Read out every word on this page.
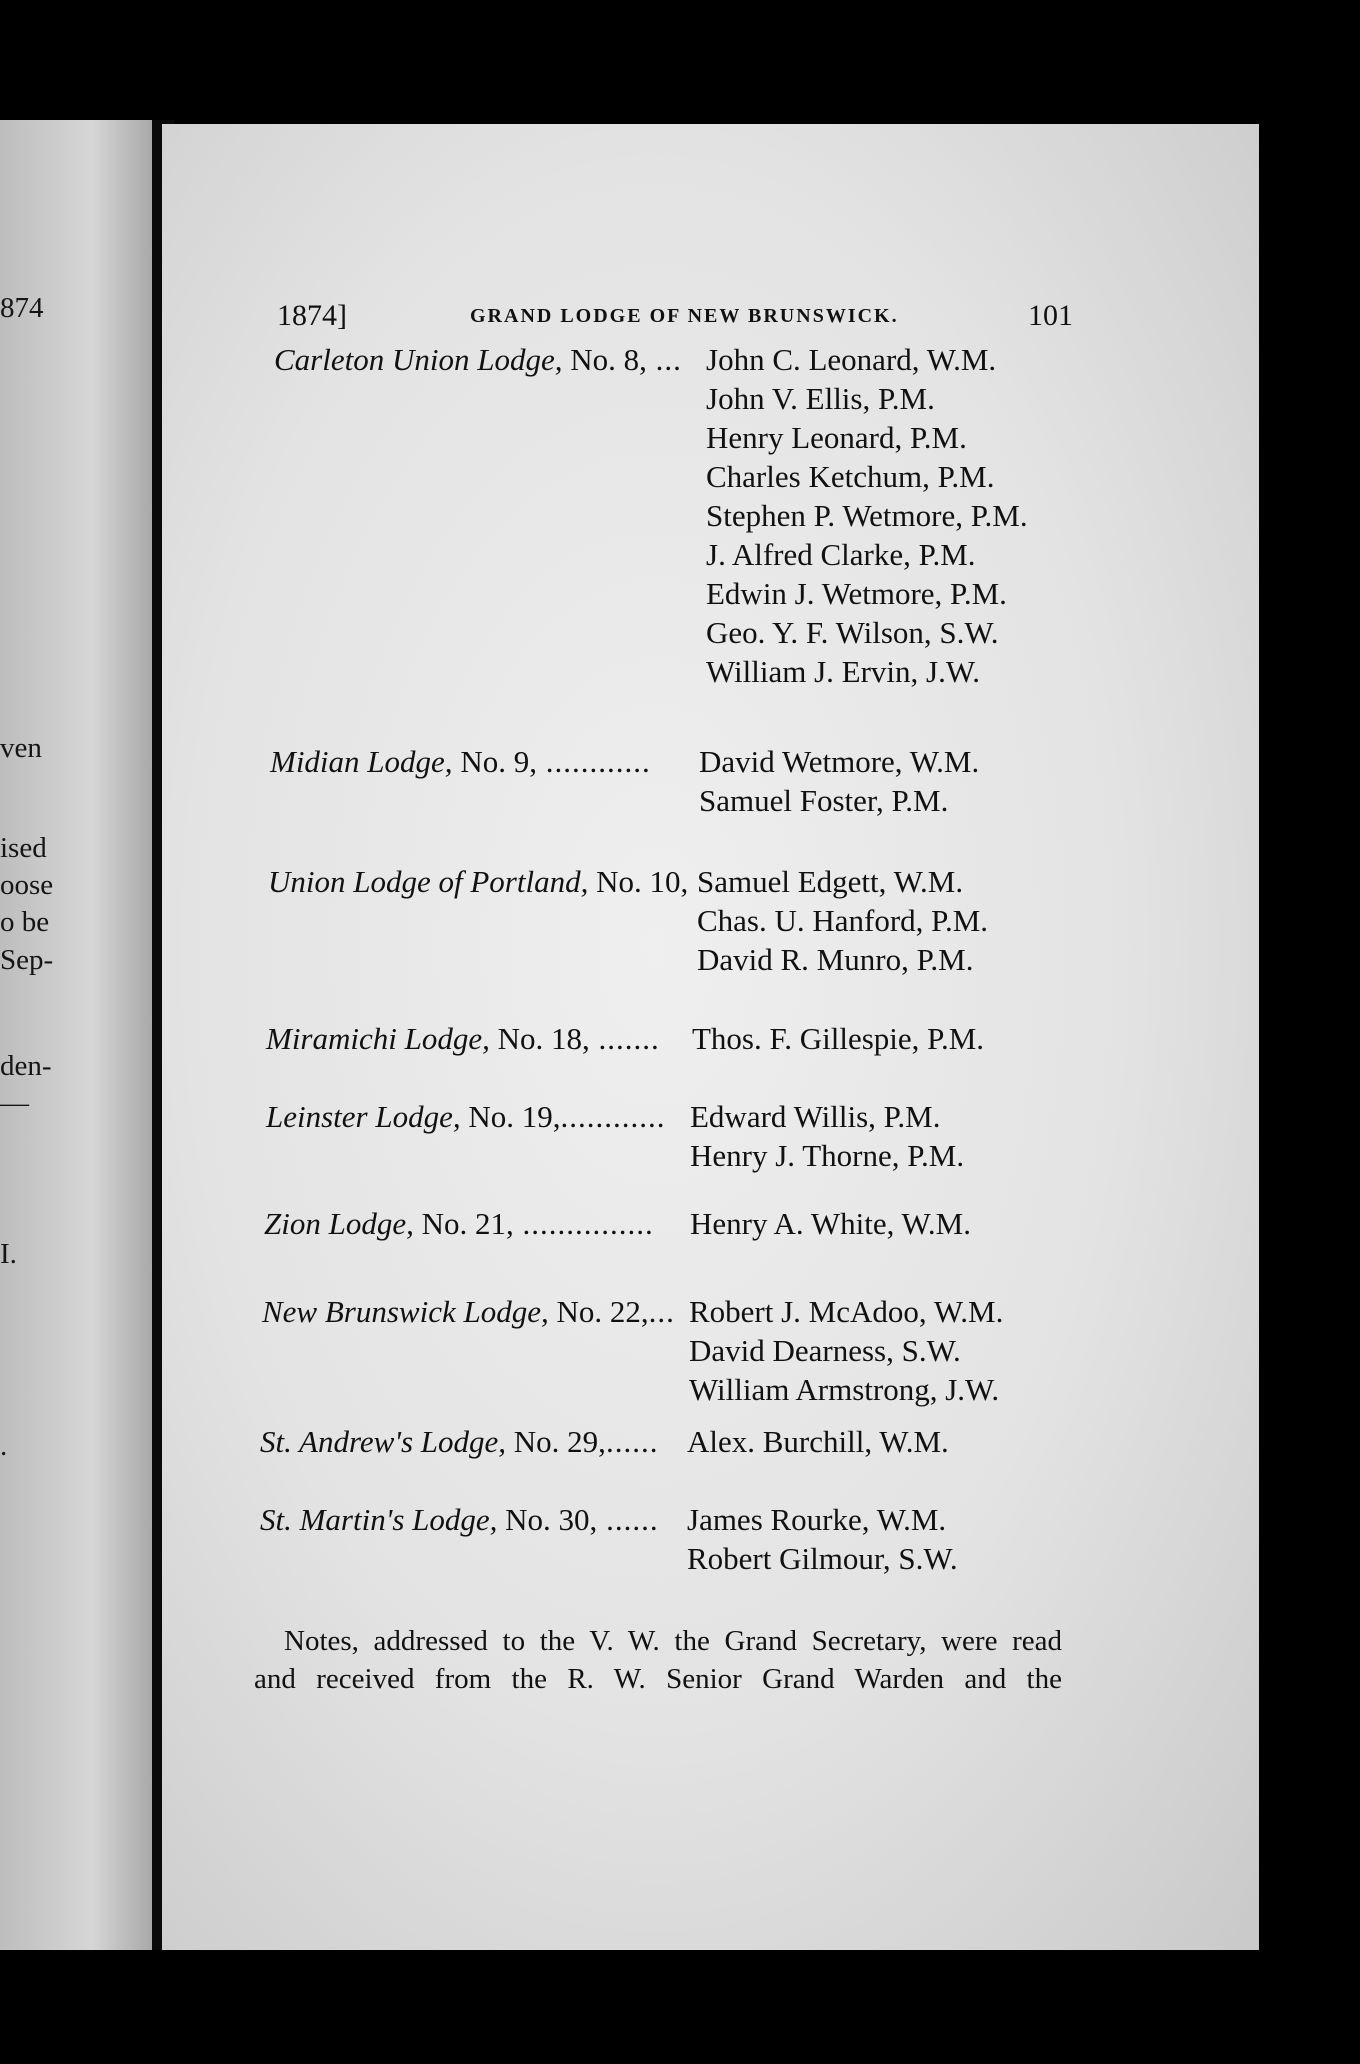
874
ven
ised
oose
o be
Sep-
den-
—
I.
.
1874]	GRAND LODGE OF NEW BRUNSWICK.	101
Carleton Union Lodge, No. 8, ... John C. Leonard, W.M.
John V. Ellis, P.M.
Henry Leonard, P.M.
Charles Ketchum, P.M.
Stephen P. Wetmore, P.M.
J. Alfred Clarke, P.M.
Edwin J. Wetmore, P.M.
Geo. Y. F. Wilson, S.W.
William J. Ervin, J.W.
Midian Lodge, No. 9, ............ David Wetmore, W.M.
Samuel Foster, P.M.
Union Lodge of Portland, No. 10, Samuel Edgett, W.M.
Chas. U. Hanford, P.M.
David R. Munro, P.M.
Miramichi Lodge, No. 18, ....... Thos. F. Gillespie, P.M.
Leinster Lodge, No. 19,............ Edward Willis, P.M.
Henry J. Thorne, P.M.
Zion Lodge, No. 21, ............... Henry A. White, W.M.
New Brunswick Lodge, No. 22,... Robert J. McAdoo, W.M.
David Dearness, S.W.
William Armstrong, J.W.
St. Andrew's Lodge, No. 29,...... Alex. Burchill, W.M.
St. Martin's Lodge, No. 30, ...... James Rourke, W.M.
Robert Gilmour, S.W.
Notes, addressed to the V. W. the Grand Secretary, were read
and received from the R. W. Senior Grand Warden and the
